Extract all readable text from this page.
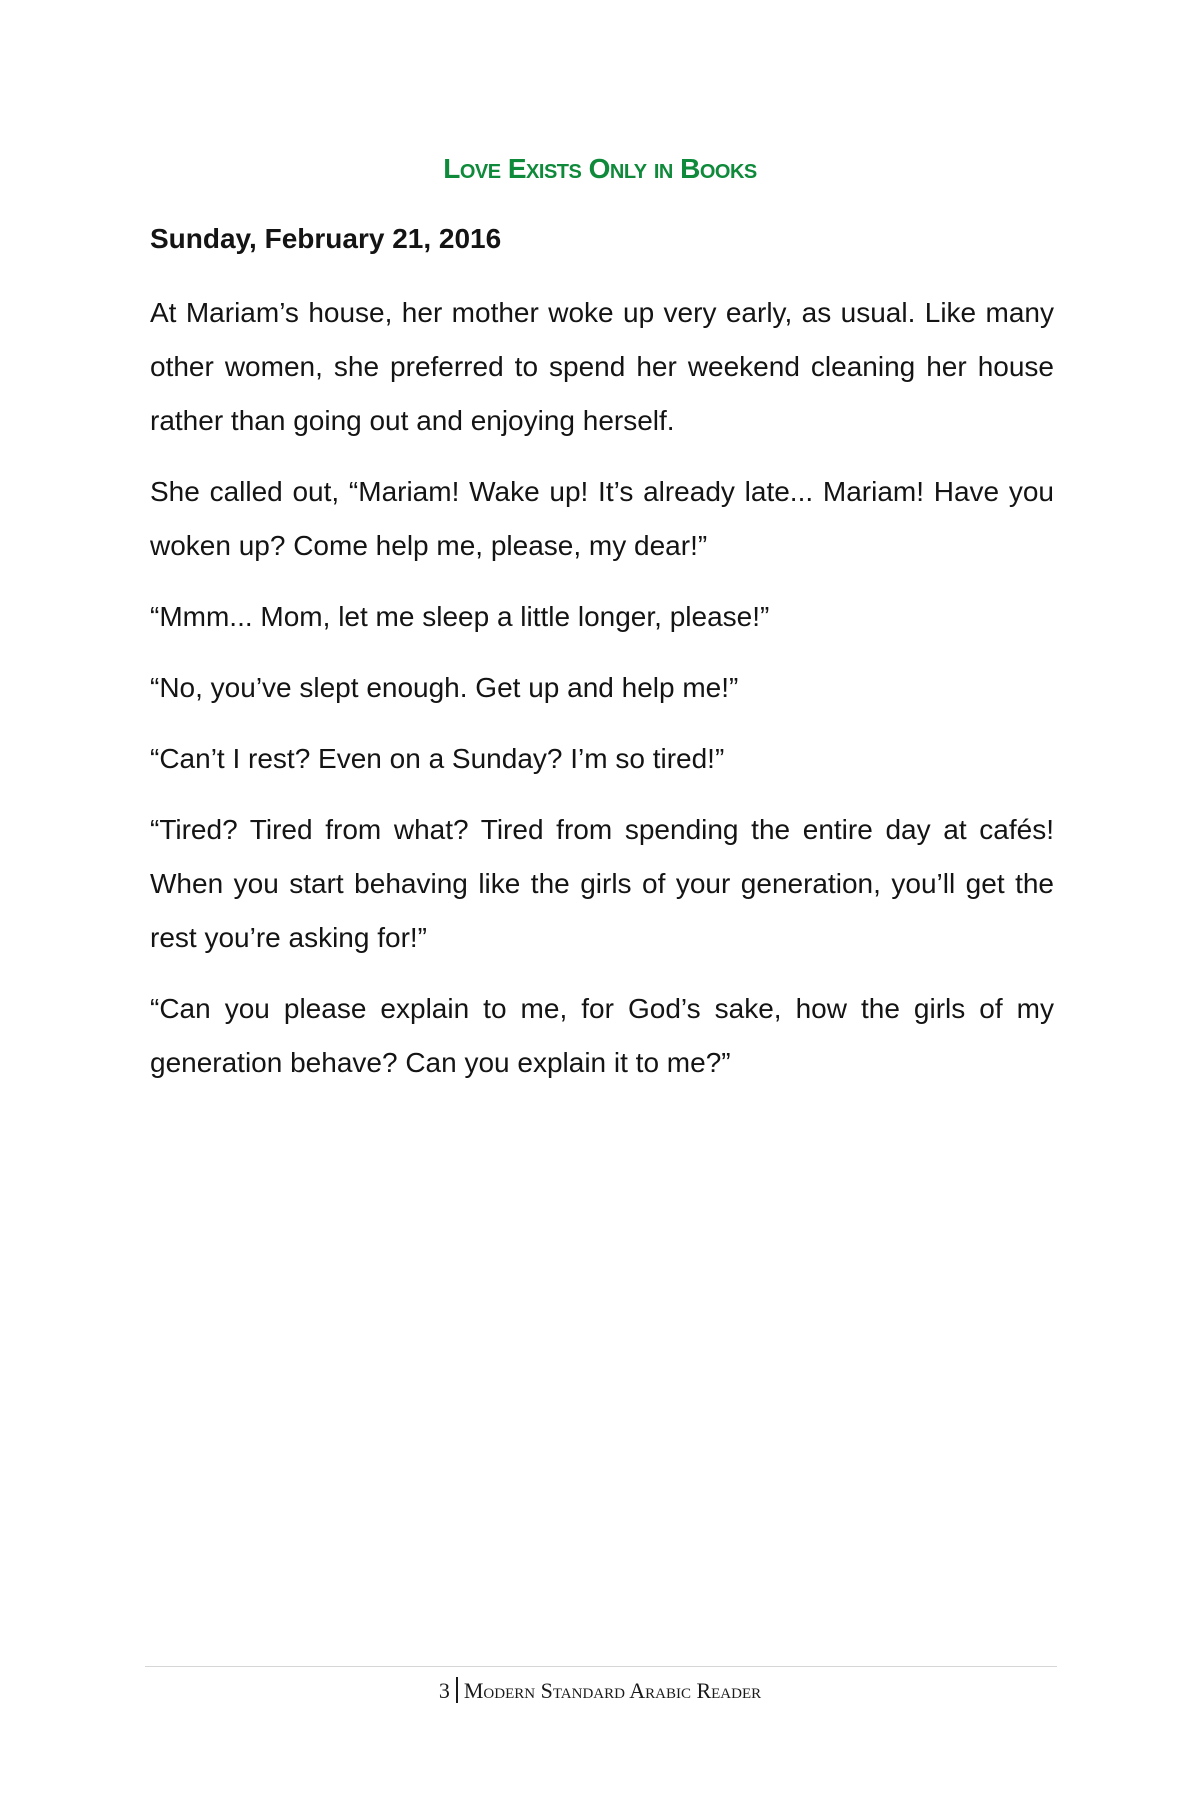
Love Exists Only in Books
Sunday, February 21, 2016

At Mariam’s house, her mother woke up very early, as usual. Like many other women, she preferred to spend her weekend cleaning her house rather than going out and enjoying herself.

She called out, “Mariam! Wake up! It’s already late... Mariam! Have you woken up? Come help me, please, my dear!”

“Mmm... Mom, let me sleep a little longer, please!”

“No, you’ve slept enough. Get up and help me!”

“Can’t I rest? Even on a Sunday? I’m so tired!”

“Tired? Tired from what? Tired from spending the entire day at cafés! When you start behaving like the girls of your generation, you’ll get the rest you’re asking for!”

“Can you please explain to me, for God’s sake, how the girls of my generation behave? Can you explain it to me?”

3 Modern Standard Arabic Reader
